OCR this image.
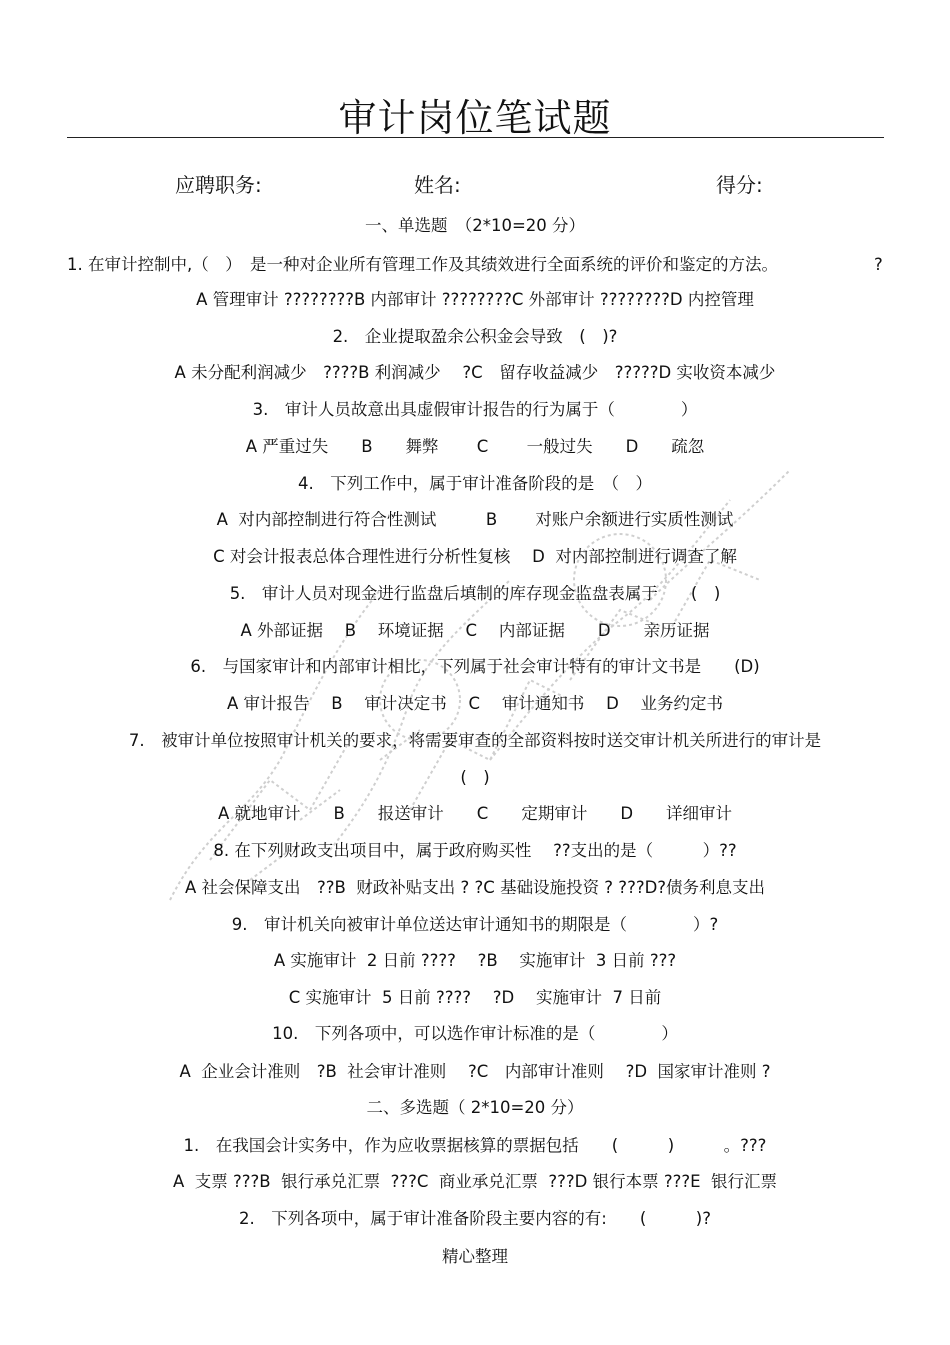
审计岗位笔试题
应聘职务:	姓名:	得分:
一、单选题　（2*10=20 分）
1. 在审计控制中,（　）　是一种对企业所有管理工作及其绩效进行全面系统的评价和鉴定的方法。	?
A 管理审计 ????????B 内部审计 ????????C 外部审计 ????????D 内控管理
2.　企业提取盈余公积金会导致　(　)?
A 未分配利润减少　????B 利润减少　 ?C　留存收益减少　?????D 实收资本减少
3.　审计人员故意出具虚假审计报告的行为属于（　　　　）
A 严重过失　　B　　舞弊　　 C　　 一般过失　　D　　疏忽
4.　下列工作中，属于审计准备阶段的是　（　）
A  对内部控制进行符合性测试　　　B　　 对账户余额进行实质性测试
C 对会计报表总体合理性进行分析性复核　 D  对内部控制进行调查了解
5.　审计人员对现金进行监盘后填制的库存现金监盘表属于　　(　)
A 外部证据　 B　 环境证据　 C　 内部证据　　D　　亲历证据
6.　与国家审计和内部审计相比，下列属于社会审计特有的审计文书是　　(D)
A 审计报告　 B　 审计决定书　 C　 审计通知书　 D　 业务约定书
7.　被审计单位按照审计机关的要求，将需要审查的全部资料按时送交审计机关所进行的审计是
(　)
A 就地审计　　B　　报送审计　　C　　定期审计　　D　　详细审计
8. 在下列财政支出项目中，属于政府购买性　 ??支出的是（　　　）??
A 社会保障支出　??B  财政补贴支出 ? ?C 基础设施投资 ? ???D?债务利息支出
9.　审计机关向被审计单位送达审计通知书的期限是（　　　　）?
A 实施审计  2 日前 ????　 ?B　 实施审计  3 日前 ???
C 实施审计  5 日前 ????　 ?D　 实施审计  7 日前
10.　下列各项中，可以选作审计标准的是（　　　　）
A  企业会计准则　?B  社会审计准则　 ?C　内部审计准则　 ?D  国家审计准则 ?
二、多选题（ 2*10=20 分）
1.　在我国会计实务中，作为应收票据核算的票据包括　　(　　　)　　　。???
A  支票 ???B  银行承兑汇票  ???C  商业承兑汇票  ???D 银行本票 ???E  银行汇票
2.　下列各项中，属于审计准备阶段主要内容的有:　　(　　　)?
精心整理
